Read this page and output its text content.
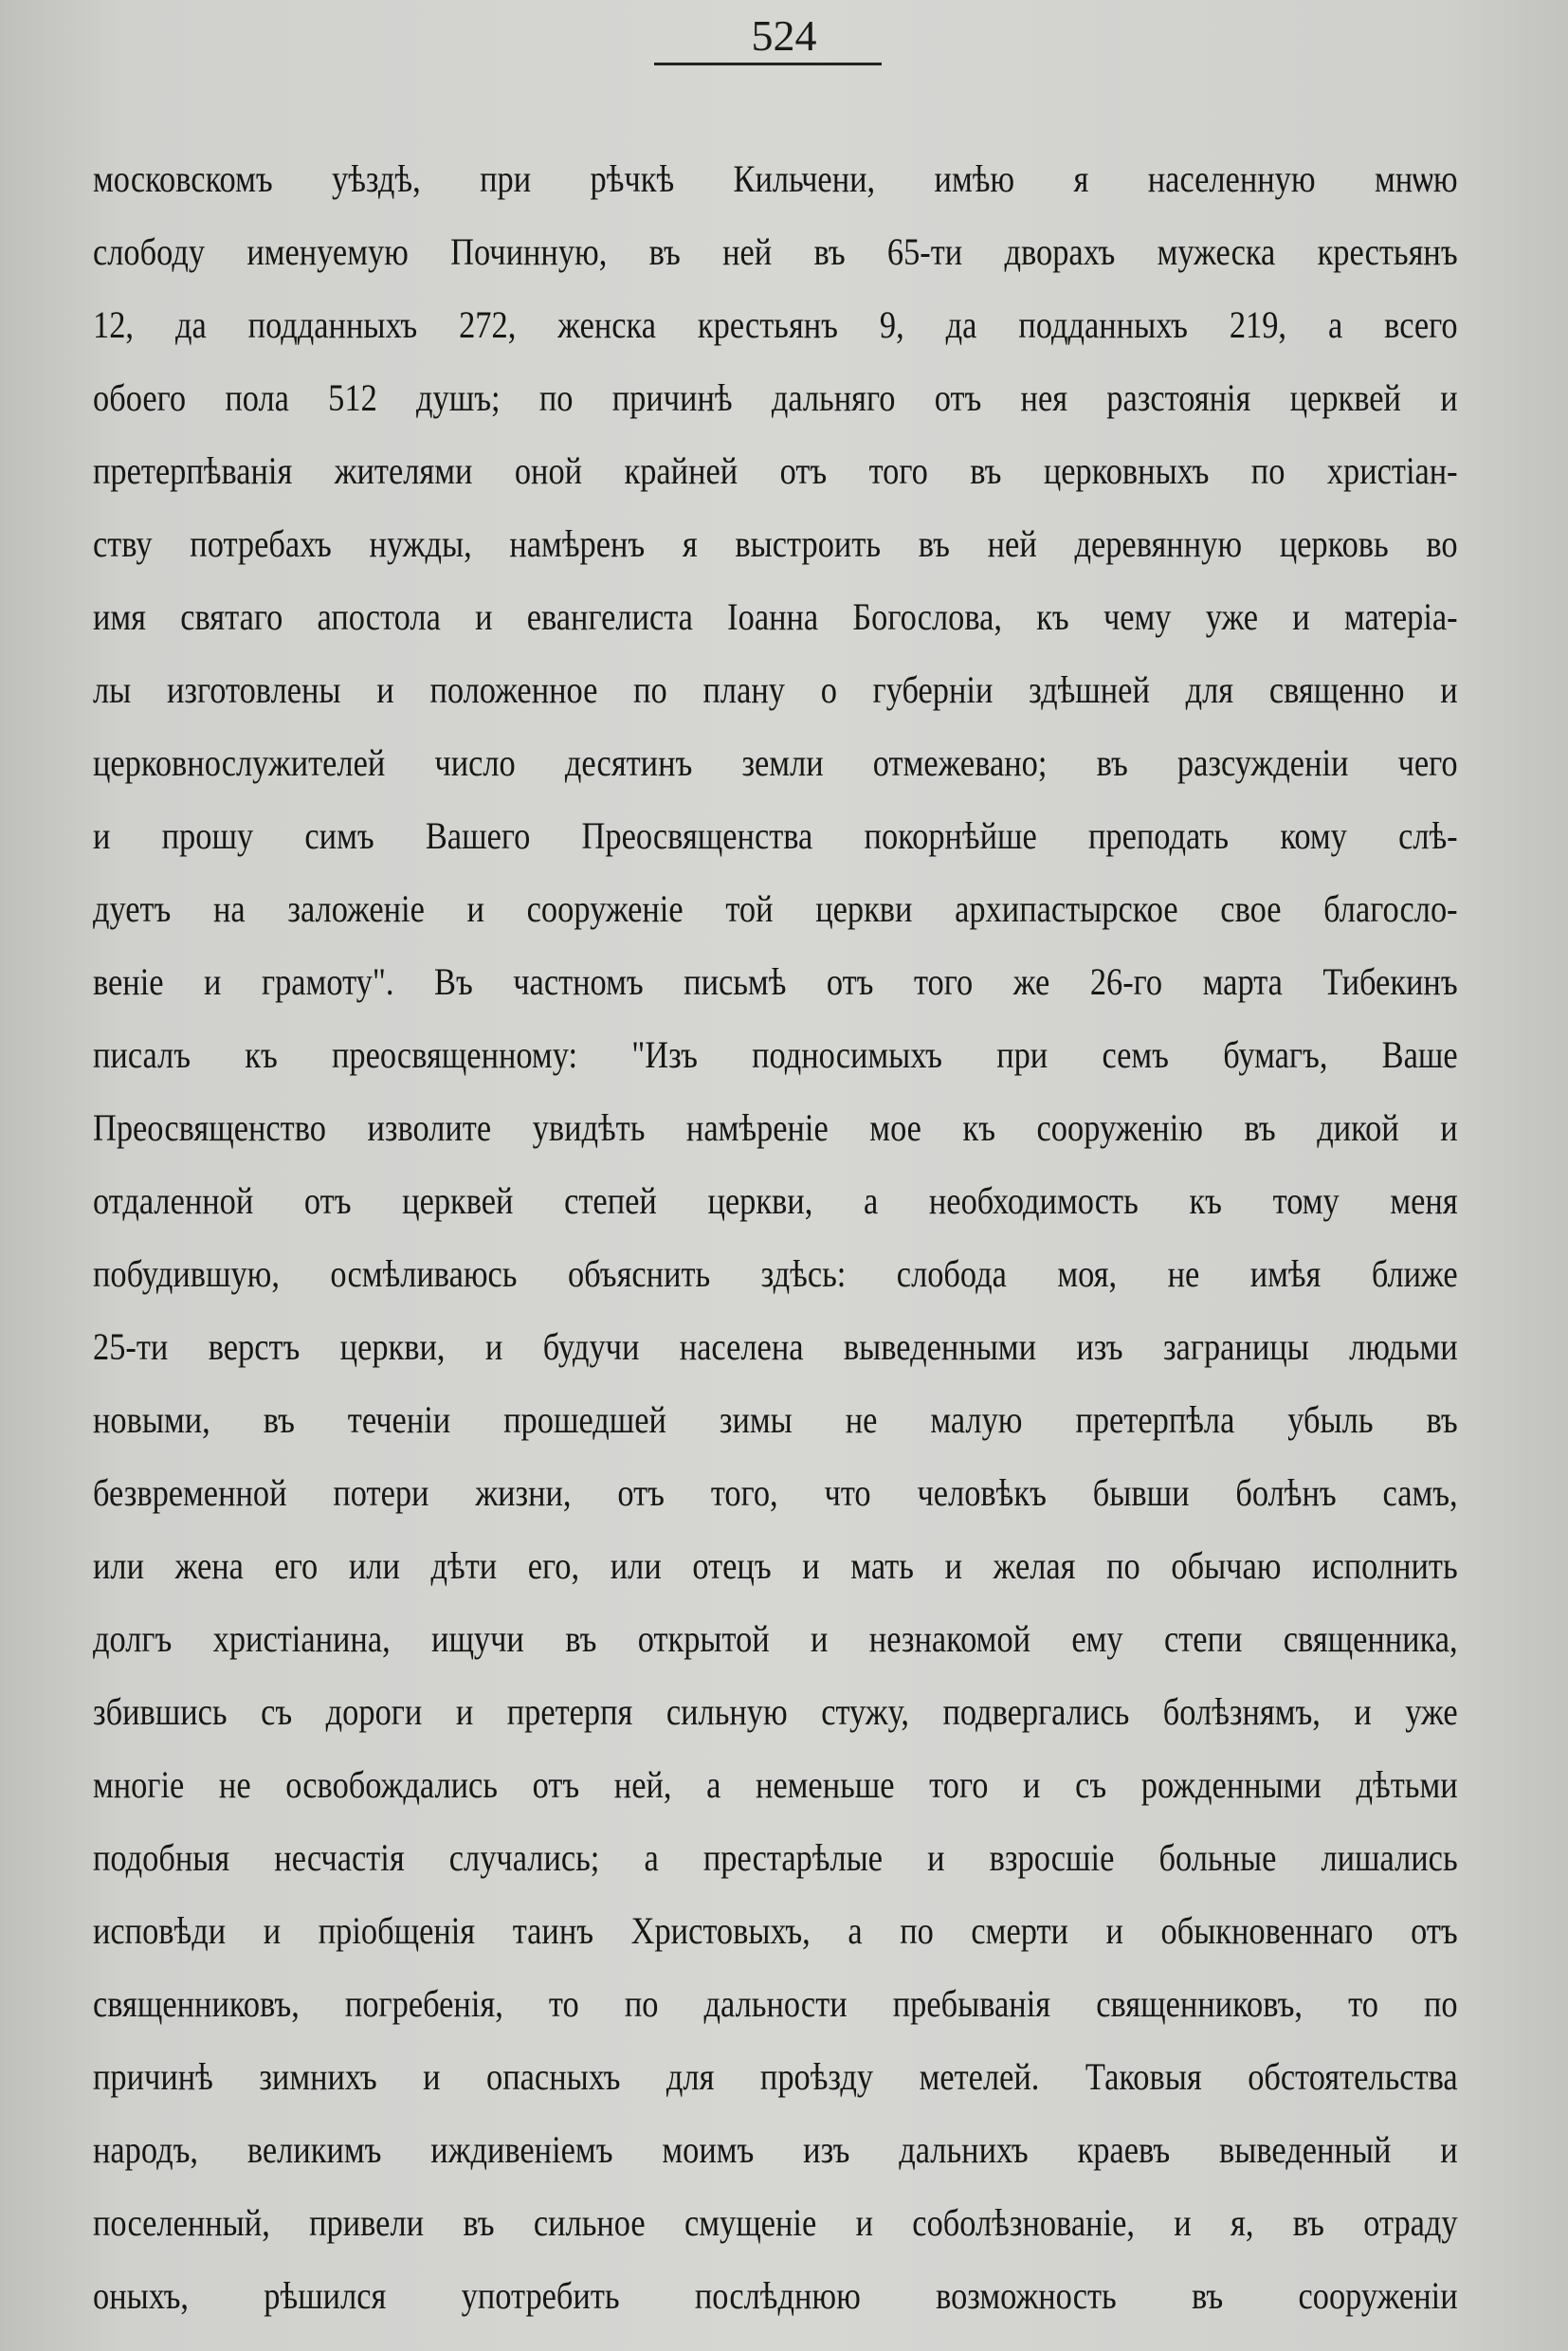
524
московскомъ уѣздѣ, при рѣчкѣ Кильчени, имѣю я населенную мнѡю
слободу именуемую Починную, въ ней въ 65-ти дворахъ мужеска крестьянъ
12, да подданныхъ 272, женска крестьянъ 9, да подданныхъ 219, а всего
обоего пола 512 душъ; по причинѣ дальняго отъ нея разстоянія церквей и
претерпѣванія жителями оной крайней отъ того въ церковныхъ по христіан-
ству потребахъ нужды, намѣренъ я выстроить въ ней деревянную церковь во
имя святаго апостола и евангелиста Іоанна Богослова, къ чему уже и матеріа-
лы изготовлены и положенное по плану о губерніи здѣшней для священно и
церковнослужителей число десятинъ земли отмежевано; въ разсужденіи чего
и прошу симъ Вашего Преосвященства покорнѣйше преподать кому слѣ-
дуетъ на заложеніе и сооруженіе той церкви архипастырское свое благосло-
веніе и грамоту". Въ частномъ письмѣ отъ того же 26-го марта Тибекинъ
писалъ къ преосвященному: "Изъ подносимыхъ при семъ бумагъ, Ваше
Преосвященство изволите увидѣть намѣреніе мое къ сооруженію въ дикой и
отдаленной отъ церквей степей церкви, а необходимость къ тому меня
побудившую, осмѣливаюсь объяснить здѣсь: слобода моя, не имѣя ближе
25-ти верстъ церкви, и будучи населена выведенными изъ заграницы людьми
новыми, въ теченіи прошедшей зимы не малую претерпѣла убыль въ
безвременной потери жизни, отъ того, что человѣкъ бывши болѣнъ самъ,
или жена его или дѣти его, или отецъ и мать и желая по обычаю исполнить
долгъ христіанина, ищучи въ открытой и незнакомой ему степи священника,
збившись съ дороги и претерпя сильную стужу, подвергались болѣзнямъ, и уже
многіе не освобождались отъ ней, а неменьше того и съ рожденными дѣтьми
подобныя несчастія случались; а престарѣлые и взросшіе больные лишались
исповѣди и пріобщенія таинъ Христовыхъ, а по смерти и обыкновеннаго отъ
священниковъ, погребенія, то по дальности пребыванія священниковъ, то по
причинѣ зимнихъ и опасныхъ для проѣзду метелей. Таковыя обстоятельства
народъ, великимъ иждивеніемъ моимъ изъ дальнихъ краевъ выведенный и
поселенный, привели въ сильное смущеніе и соболѣзнованіе, и я, въ отраду
оныхъ, рѣшился употребить послѣднюю возможность въ сооруженіи
